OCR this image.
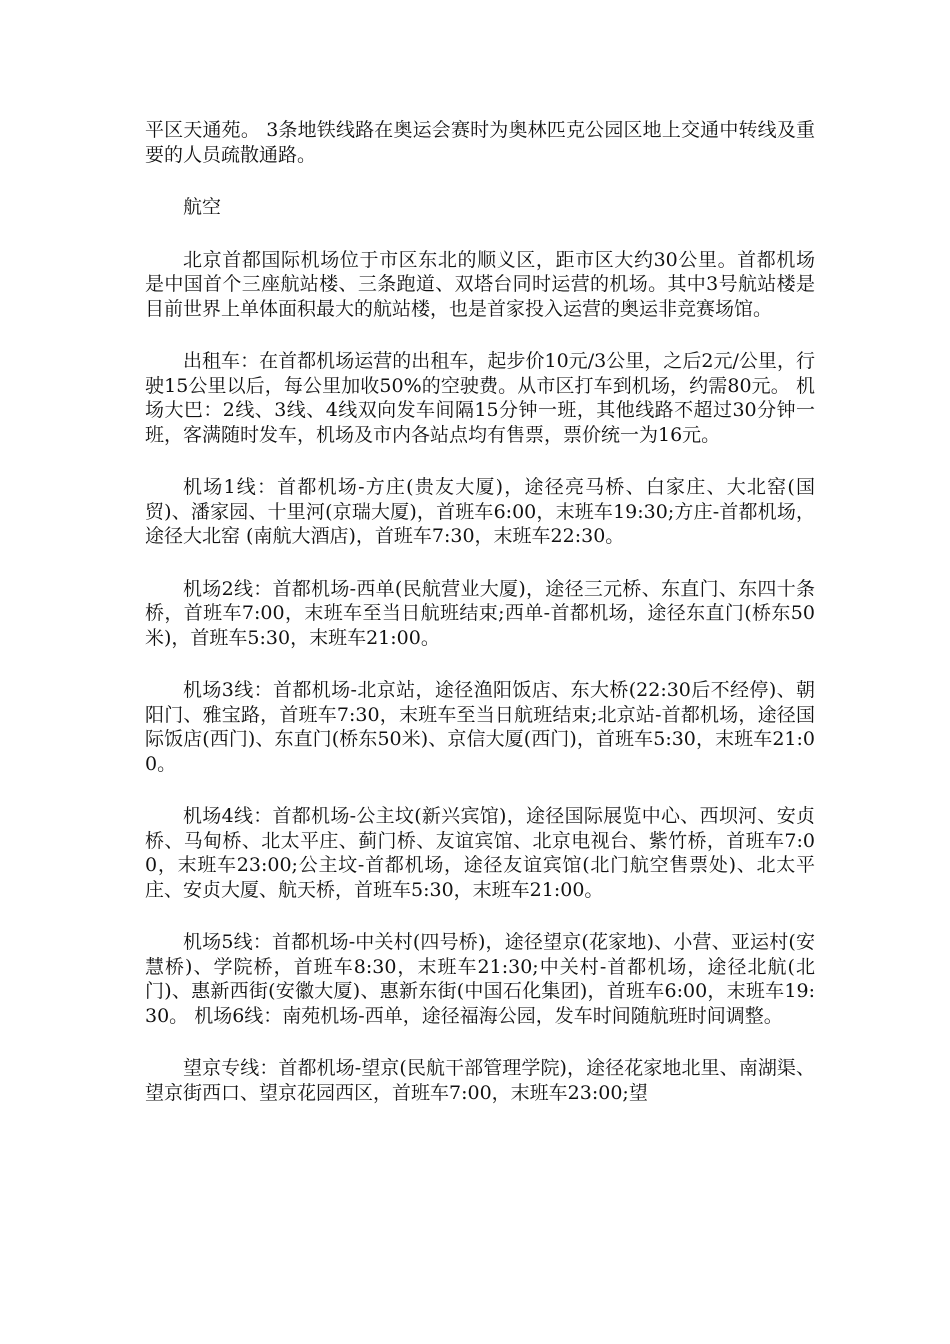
平区天通苑。 3条地铁线路在奥运会赛时为奥林匹克公园区地上交通中转线及重要的人员疏散通路。

航空

北京首都国际机场位于市区东北的顺义区，距市区大约30公里。首都机场是中国首个三座航站楼、三条跑道、双塔台同时运营的机场。其中3号航站楼是目前世界上单体面积最大的航站楼，也是首家投入运营的奥运非竞赛场馆。

出租车：在首都机场运营的出租车，起步价10元/3公里，之后2元/公里，行驶15公里以后，每公里加收50%的空驶费。从市区打车到机场，约需80元。 机场大巴：2线、3线、4线双向发车间隔15分钟一班，其他线路不超过30分钟一班，客满随时发车，机场及市内各站点均有售票，票价统一为16元。

机场1线：首都机场-方庄(贵友大厦)，途径亮马桥、白家庄、大北窑(国贸)、潘家园、十里河(京瑞大厦)，首班车6:00，末班车19:30;方庄-首都机场，途径大北窑 (南航大酒店)，首班车7:30，末班车22:30。

机场2线：首都机场-西单(民航营业大厦)，途径三元桥、东直门、东四十条桥，首班车7:00，末班车至当日航班结束;西单-首都机场，途径东直门(桥东50米)，首班车5:30，末班车21:00。

机场3线：首都机场-北京站，途径渔阳饭店、东大桥(22:30后不经停)、朝阳门、雅宝路，首班车7:30，末班车至当日航班结束;北京站-首都机场，途径国际饭店(西门)、东直门(桥东50米)、京信大厦(西门)，首班车5:30，末班车21:00。

机场4线：首都机场-公主坟(新兴宾馆)，途径国际展览中心、西坝河、安贞桥、马甸桥、北太平庄、蓟门桥、友谊宾馆、北京电视台、紫竹桥，首班车7:00，末班车23:00;公主坟-首都机场，途径友谊宾馆(北门航空售票处)、北太平庄、安贞大厦、航天桥，首班车5:30，末班车21:00。

机场5线：首都机场-中关村(四号桥)，途径望京(花家地)、小营、亚运村(安慧桥)、学院桥，首班车8:30，末班车21:30;中关村-首都机场，途径北航(北门)、惠新西街(安徽大厦)、惠新东街(中国石化集团)，首班车6:00，末班车19:30。 机场6线：南苑机场-西单，途径福海公园，发车时间随航班时间调整。

望京专线：首都机场-望京(民航干部管理学院)，途径花家地北里、南湖渠、望京街西口、望京花园西区，首班车7:00，末班车23:00;望
